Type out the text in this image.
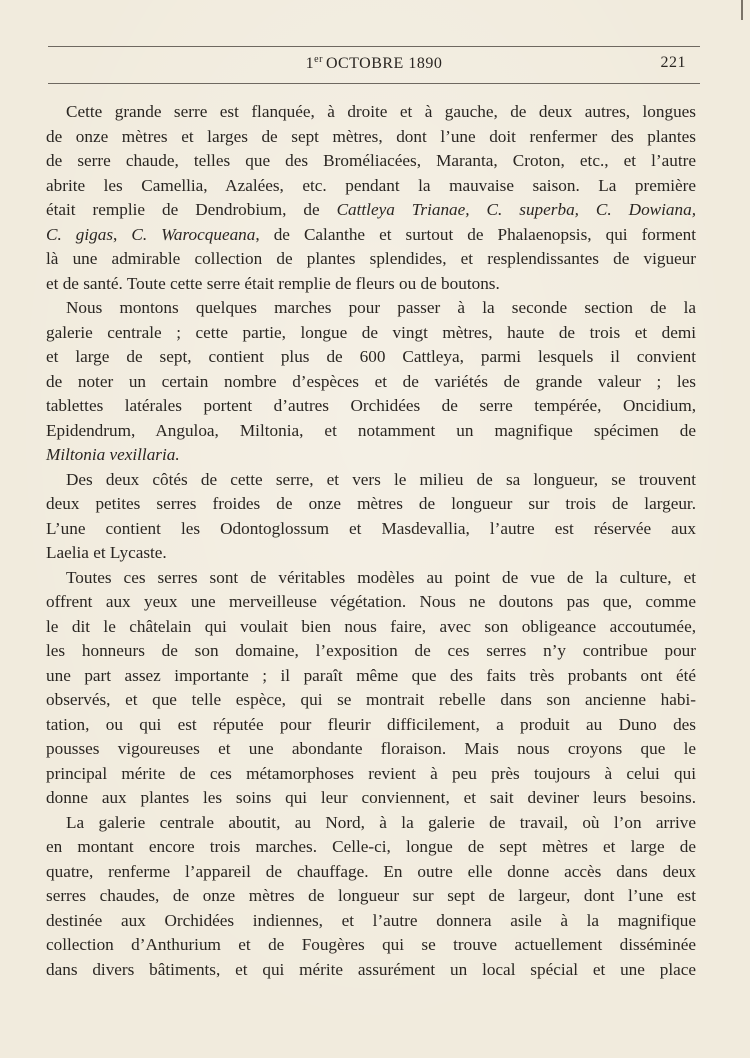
1er OCTOBRE 1890	221
Cette grande serre est flanquée, à droite et à gauche, de deux autres, longues
de onze mètres et larges de sept mètres, dont l’une doit renfermer des plantes
de serre chaude, telles que des Broméliacées, Maranta, Croton, etc., et l’autre
abrite les Camellia, Azalées, etc. pendant la mauvaise saison. La première
était remplie de Dendrobium, de Cattleya Trianae, C. superba, C. Dowiana,
C. gigas, C. Warocqueana, de Calanthe et surtout de Phalaenopsis, qui forment
là une admirable collection de plantes splendides, et resplendissantes de vigueur
et de santé. Toute cette serre était remplie de fleurs ou de boutons.
Nous montons quelques marches pour passer à la seconde section de la
galerie centrale ; cette partie, longue de vingt mètres, haute de trois et demi
et large de sept, contient plus de 600 Cattleya, parmi lesquels il convient
de noter un certain nombre d’espèces et de variétés de grande valeur ; les
tablettes latérales portent d’autres Orchidées de serre tempérée, Oncidium,
Epidendrum, Anguloa, Miltonia, et notamment un magnifique spécimen de
Miltonia vexillaria.
Des deux côtés de cette serre, et vers le milieu de sa longueur, se trouvent
deux petites serres froides de onze mètres de longueur sur trois de largeur.
L’une contient les Odontoglossum et Masdevallia, l’autre est réservée aux
Laelia et Lycaste.
Toutes ces serres sont de véritables modèles au point de vue de la culture, et
offrent aux yeux une merveilleuse végétation. Nous ne doutons pas que, comme
le dit le châtelain qui voulait bien nous faire, avec son obligeance accoutumée,
les honneurs de son domaine, l’exposition de ces serres n’y contribue pour
une part assez importante ; il paraît même que des faits très probants ont été
observés, et que telle espèce, qui se montrait rebelle dans son ancienne habi-
tation, ou qui est réputée pour fleurir difficilement, a produit au Duno des
pousses vigoureuses et une abondante floraison. Mais nous croyons que le
principal mérite de ces métamorphoses revient à peu près toujours à celui qui
donne aux plantes les soins qui leur conviennent, et sait deviner leurs besoins.
La galerie centrale aboutit, au Nord, à la galerie de travail, où l’on arrive
en montant encore trois marches. Celle-ci, longue de sept mètres et large de
quatre, renferme l’appareil de chauffage. En outre elle donne accès dans deux
serres chaudes, de onze mètres de longueur sur sept de largeur, dont l’une est
destinée aux Orchidées indiennes, et l’autre donnera asile à la magnifique
collection d’Anthurium et de Fougères qui se trouve actuellement disséminée
dans divers bâtiments, et qui mérite assurément un local spécial et une place
